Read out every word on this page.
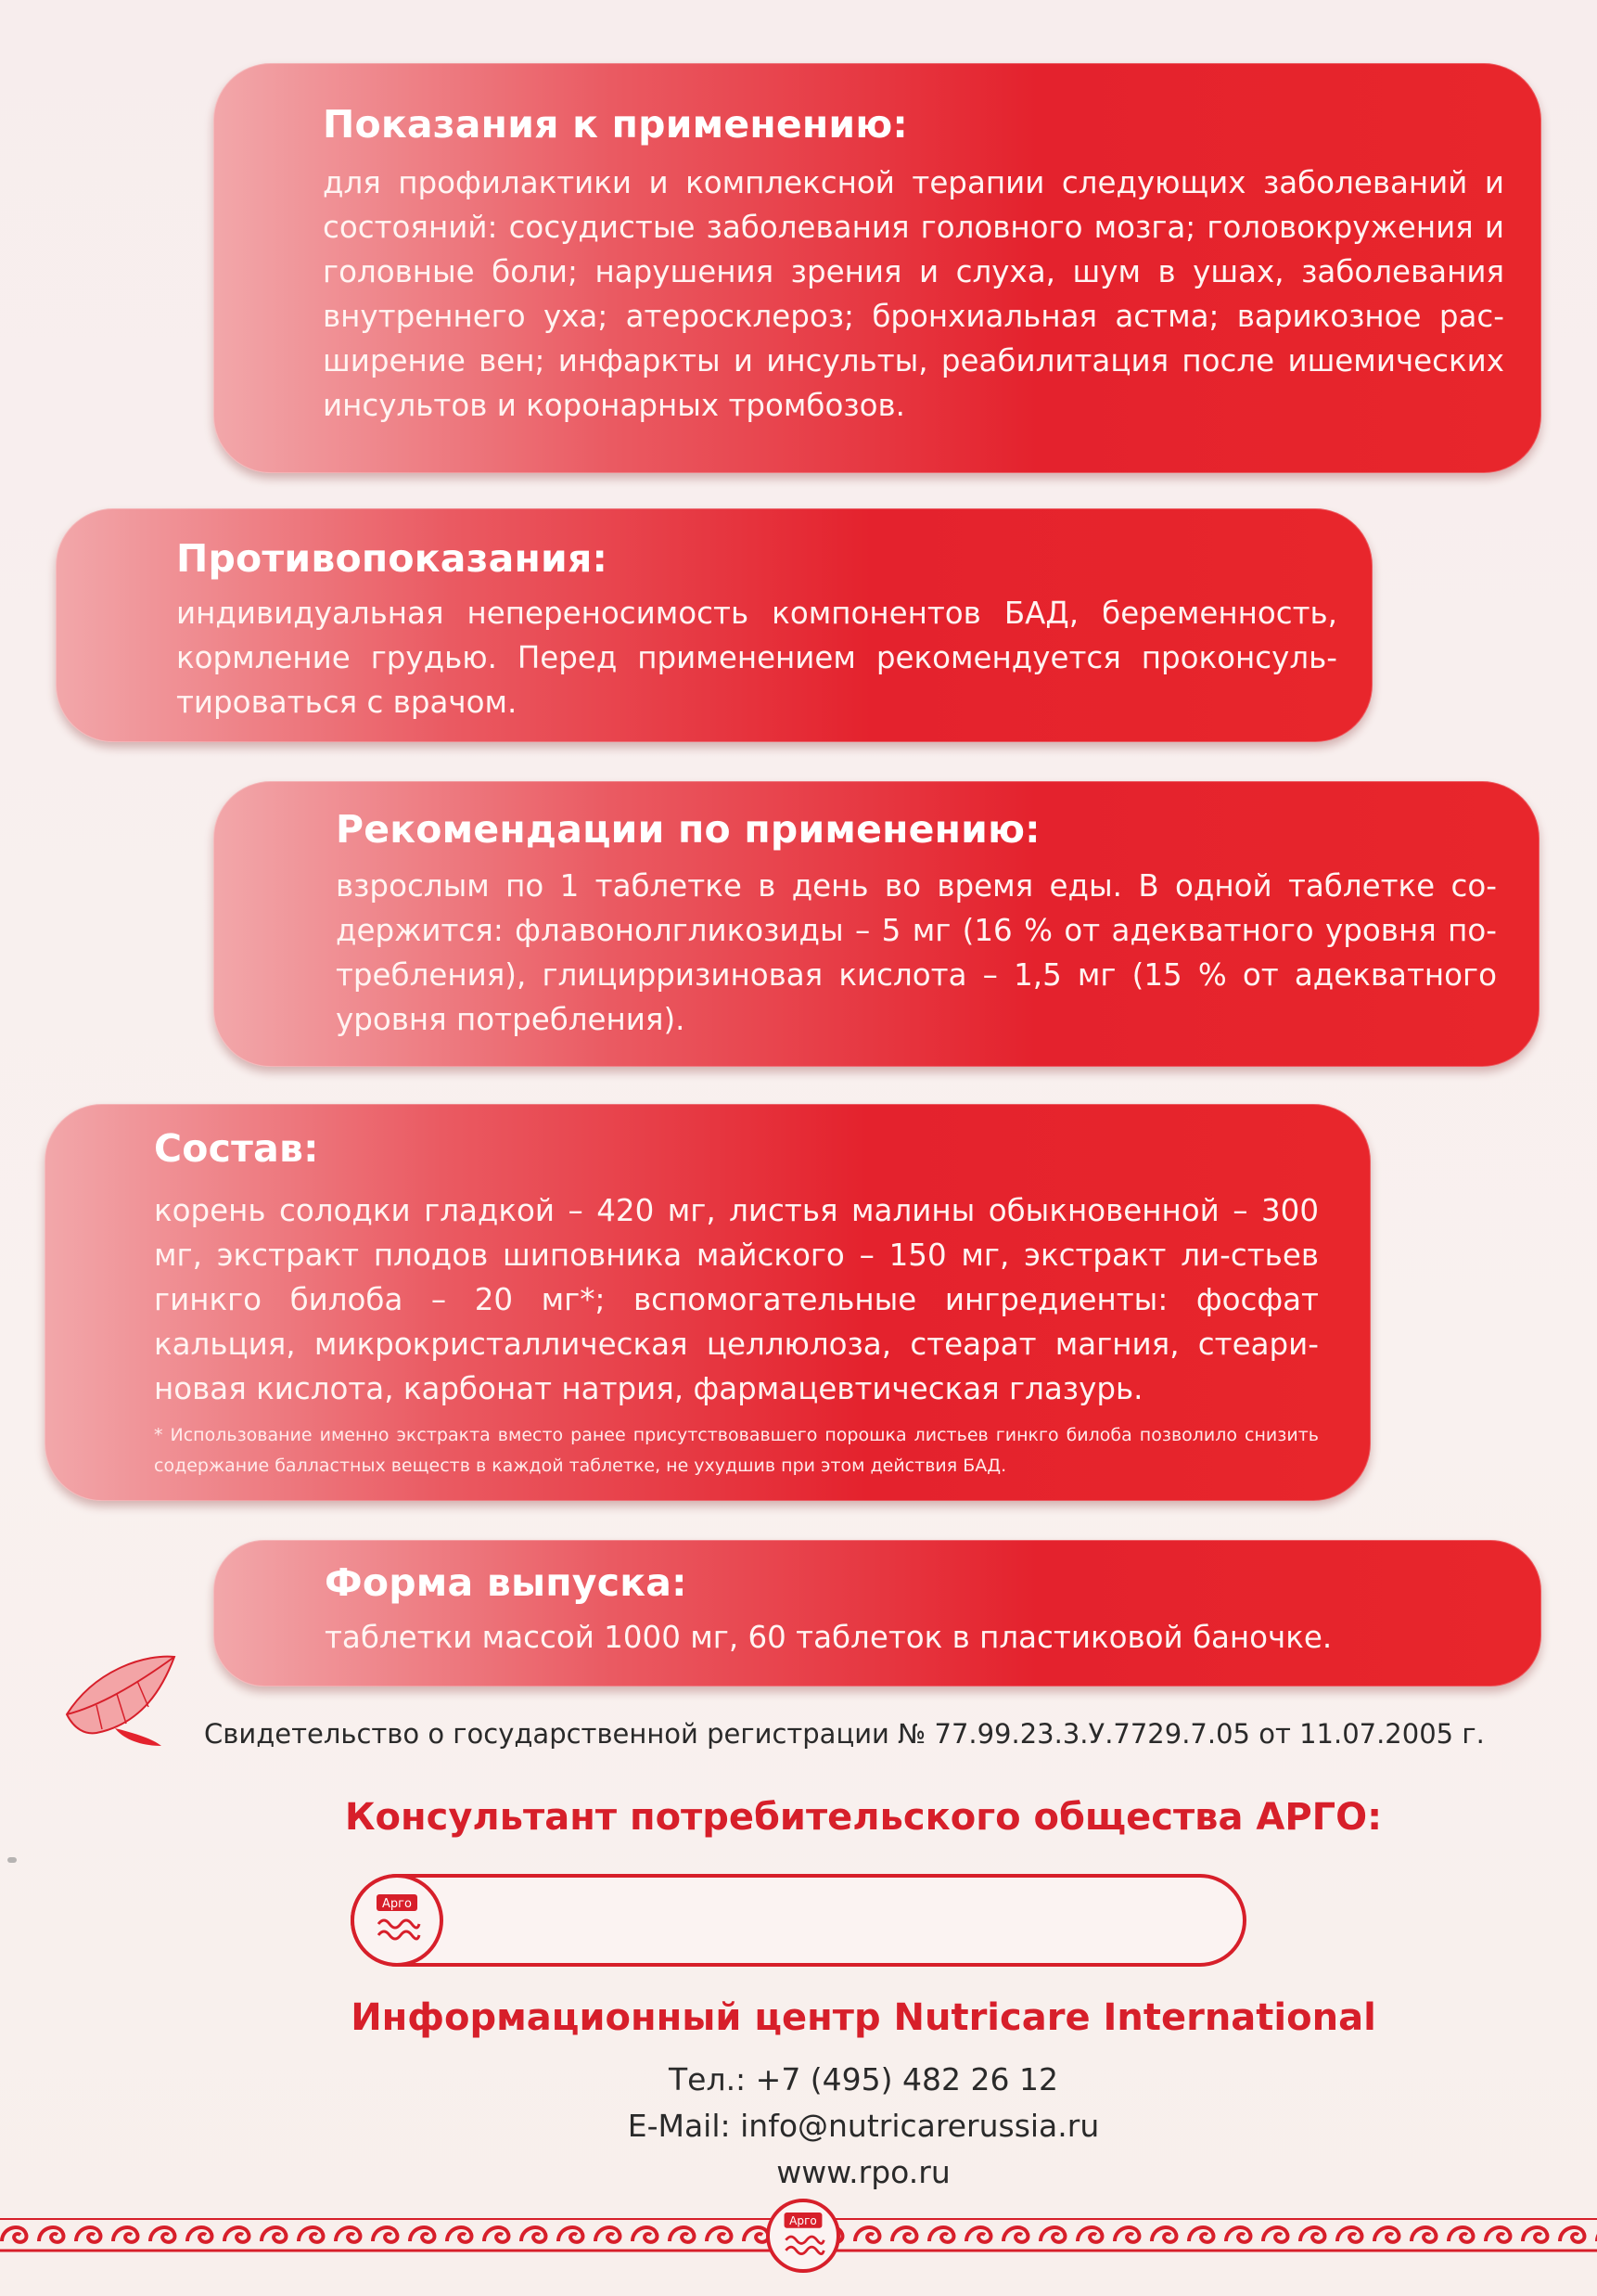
Показания к применению:

для профилактики и комплексной терапии следующих заболеваний и состояний: сосудистые заболевания головного мозга; головокружения и головные боли; нарушения зрения и слуха, шум в ушах, заболевания внутреннего уха; атеросклероз; бронхиальная астма; варикозное рас-ширение вен; инфаркты и инсульты, реабилитация после ишемических инсультов и коронарных тромбозов.

Противопоказания:

индивидуальная непереносимость компонентов БАД, беременность, кормление грудью. Перед применением рекомендуется проконсуль-тироваться с врачом.

Рекомендации по применению:

взрослым по 1 таблетке в день во время еды. В одной таблетке со-держится: флавонолгликозиды – 5 мг (16 % от адекватного уровня по-требления), глицирризиновая кислота – 1,5 мг (15 % от адекватного уровня потребления).

Состав:

корень солодки гладкой – 420 мг, листья малины обыкновенной – 300 мг, экстракт плодов шиповника майского – 150 мг, экстракт ли-стьев гинкго билоба – 20 мг*; вспомогательные ингредиенты: фосфат кальция, микрокристаллическая целлюлоза, стеарат магния, стеари-новая кислота, карбонат натрия, фармацевтическая глазурь.

* Использование именно экстракта вместо ранее присутствовавшего порошка листьев гинкго билоба позволило снизить содержание балластных веществ в каждой таблетке, не ухудшив при этом действия БАД.

Форма выпуска:

таблетки массой 1000 мг, 60 таблеток в пластиковой баночке.

Свидетельство о государственной регистрации № 77.99.23.3.У.7729.7.05 от 11.07.2005 г.
Консультант потребительского общества АРГО:
Арго
Информационный центр Nutricare International
Тел.: +7 (495) 482 26 12
E-Mail: info@nutricarerussia.ru
www.rpo.ru
Арго
